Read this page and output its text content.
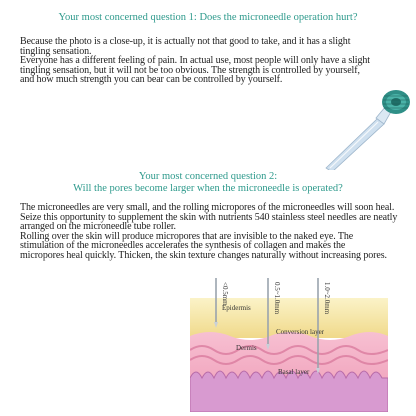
Your most concerned question 1: Does the microneedle operation hurt?

Because the photo is a close-up, it is actually not that good to take, and it has a slight tingling sensation.

Everyone has a different feeling of pain. In actual use, most people will only have a slight tingling sensation, but it will not be too obvious. The strength is controlled by yourself, and how much strength you can bear can be controlled by yourself.

Your most concerned question 2:
Will the pores become larger when the microneedle is operated?

The microneedles are very small, and the rolling micropores of the microneedles will soon heal. Seize this opportunity to supplement the skin with nutrients 540 stainless steel needles are neatly arranged on the microneedle tube roller.

Rolling over the skin will produce micropores that are invisible to the naked eye. The stimulation of the microneedles accelerates the synthesis of collagen and makes the micropores heal quickly. Thicken, the skin texture changes naturally without increasing pores.

<0.5mm	0.5~1.0mm	1.0~2.0mm
Epidermis
Conversion layer
Dermis
Basal layer
